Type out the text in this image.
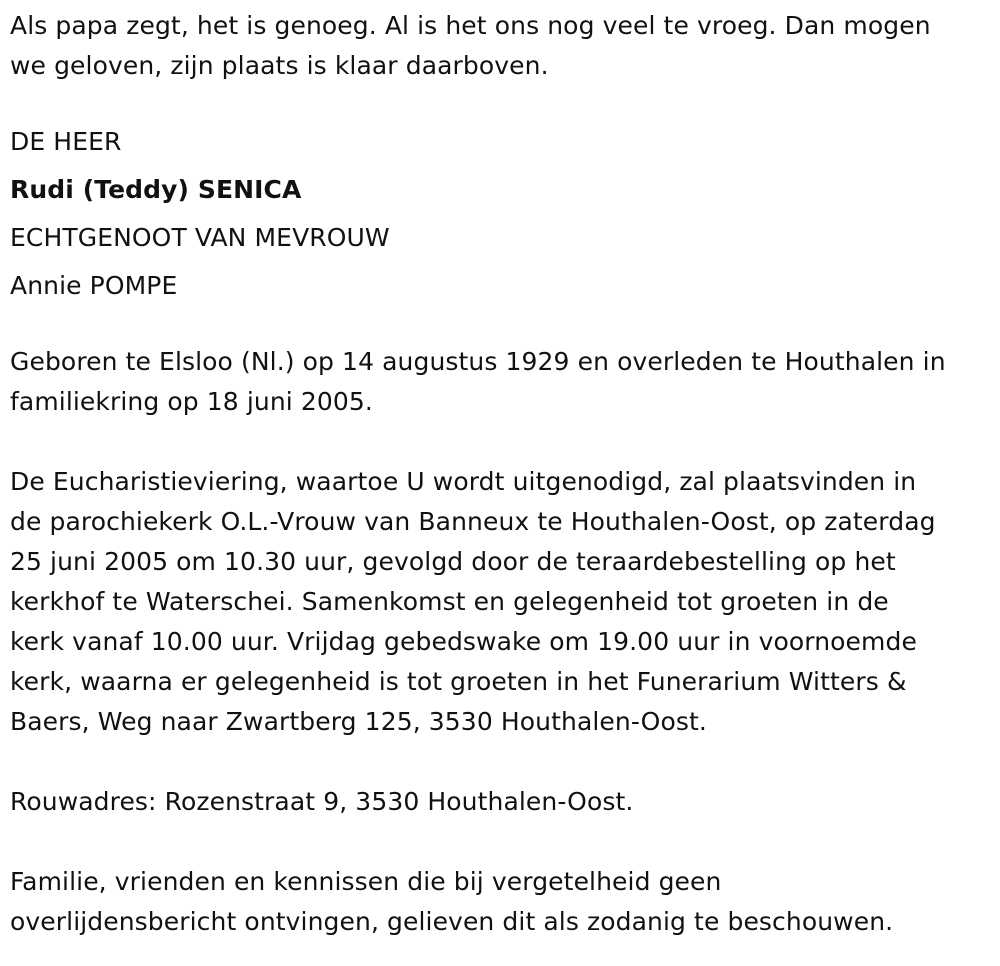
Als papa zegt, het is genoeg. Al is het ons nog veel te vroeg. Dan mogen
we geloven, zijn plaats is klaar daarboven.
DE HEER
Rudi (Teddy) SENICA
ECHTGENOOT VAN MEVROUW
Annie POMPE
Geboren te Elsloo (Nl.) op 14 augustus 1929 en overleden te Houthalen in
familiekring op 18 juni 2005.
De Eucharistieviering, waartoe U wordt uitgenodigd, zal plaatsvinden in
de parochiekerk O.L.-Vrouw van Banneux te Houthalen-Oost, op zaterdag
25 juni 2005 om 10.30 uur, gevolgd door de teraardebestelling op het
kerkhof te Waterschei. Samenkomst en gelegenheid tot groeten in de
kerk vanaf 10.00 uur. Vrijdag gebedswake om 19.00 uur in voornoemde
kerk, waarna er gelegenheid is tot groeten in het Funerarium Witters &
Baers, Weg naar Zwartberg 125, 3530 Houthalen-Oost.
Rouwadres: Rozenstraat 9, 3530 Houthalen-Oost.
Familie, vrienden en kennissen die bij vergetelheid geen
overlijdensbericht ontvingen, gelieven dit als zodanig te beschouwen.
